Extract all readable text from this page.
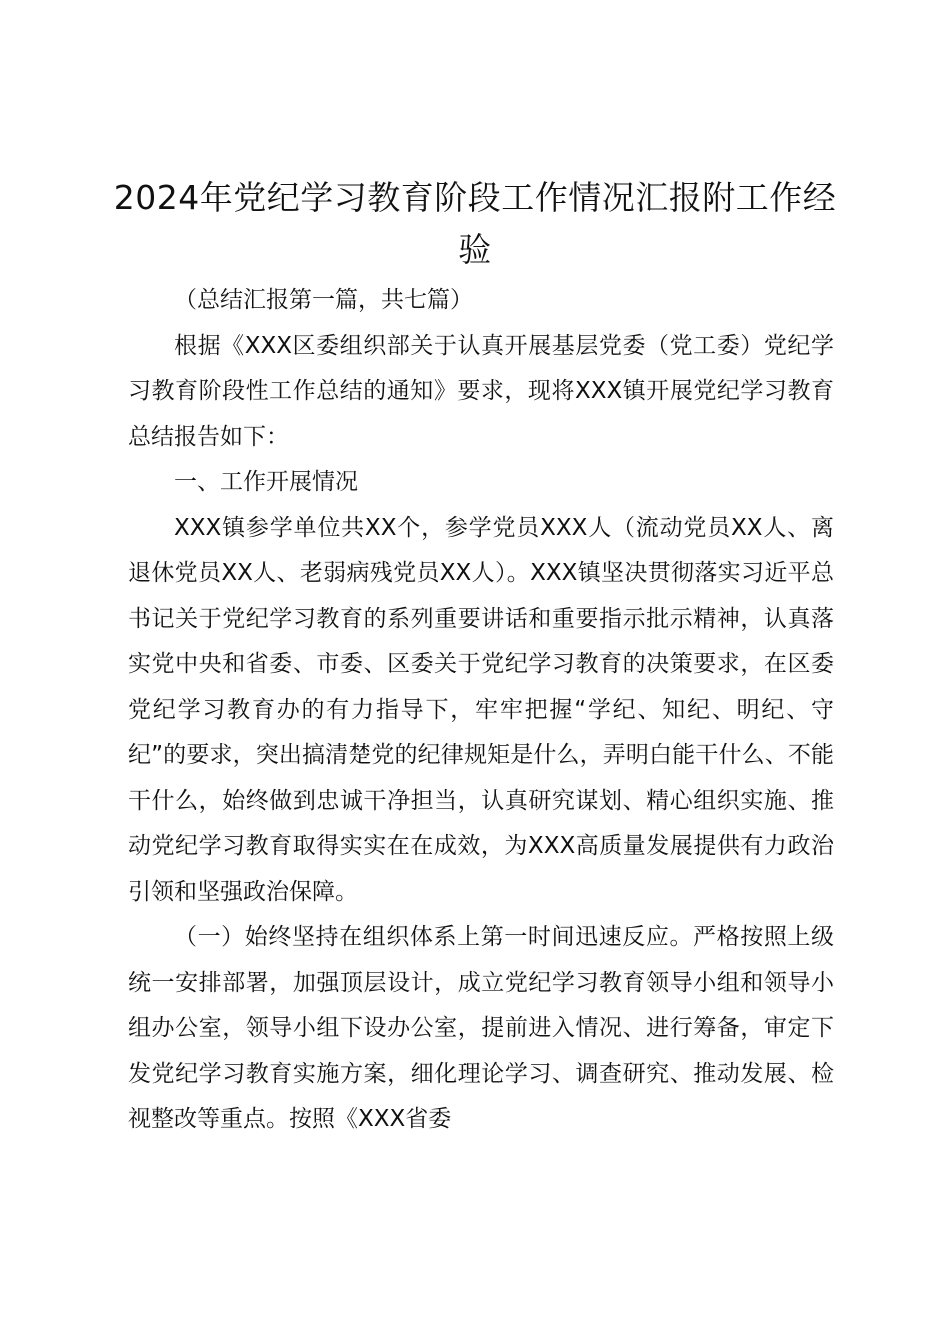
2024年党纪学习教育阶段工作情况汇报附工作经验

（总结汇报第一篇，共七篇）

根据《XXX区委组织部关于认真开展基层党委（党工委）党纪学习教育阶段性工作总结的通知》要求，现将XXX镇开展党纪学习教育总结报告如下：

一、工作开展情况

XXX镇参学单位共XX个，参学党员XXX人（流动党员XX人、离退休党员XX人、老弱病残党员XX人）。XXX镇坚决贯彻落实习近平总书记关于党纪学习教育的系列重要讲话和重要指示批示精神，认真落实党中央和省委、市委、区委关于党纪学习教育的决策要求，在区委党纪学习教育办的有力指导下，牢牢把握“学纪、知纪、明纪、守纪”的要求，突出搞清楚党的纪律规矩是什么，弄明白能干什么、不能干什么，始终做到忠诚干净担当，认真研究谋划、精心组织实施、推动党纪学习教育取得实实在在成效，为XXX高质量发展提供有力政治引领和坚强政治保障。

（一）始终坚持在组织体系上第一时间迅速反应。严格按照上级统一安排部署，加强顶层设计，成立党纪学习教育领导小组和领导小组办公室，领导小组下设办公室，提前进入情况、进行筹备，审定下发党纪学习教育实施方案，细化理论学习、调查研究、推动发展、检视整改等重点。按照《XXX省委
